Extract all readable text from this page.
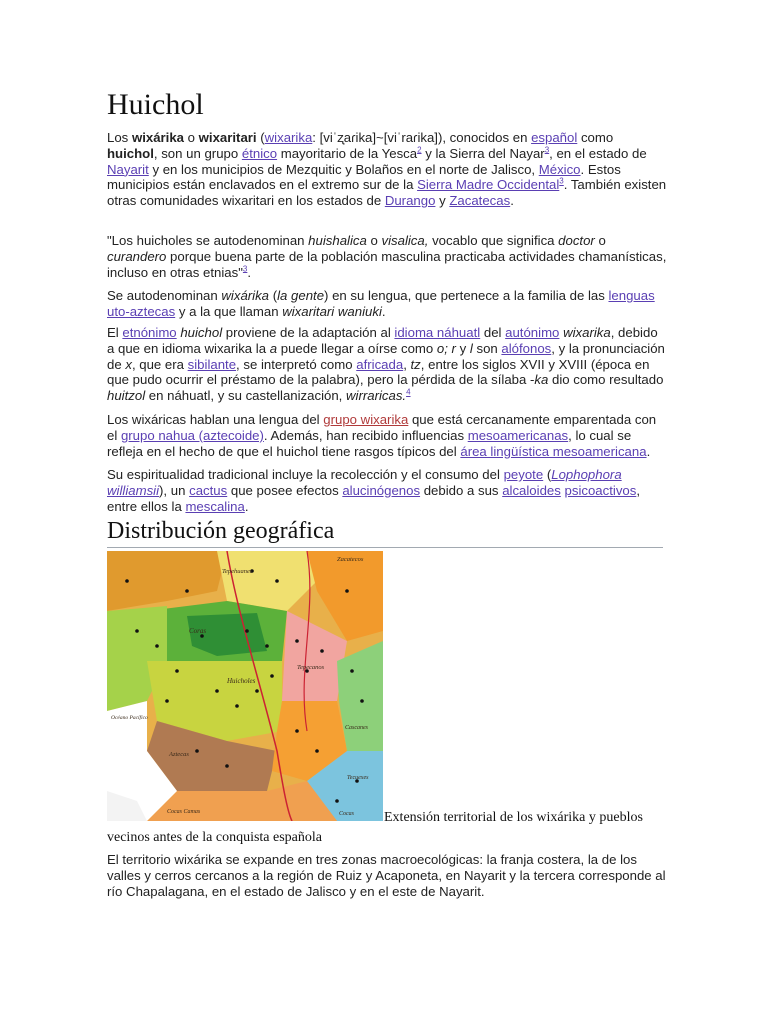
Huichol

Los wixárika o wixaritari (wixarika: [viˈʐaɾika]~[viˈraɾika]), conocidos en español como huichol, son un grupo étnico mayoritario de la Yesca$^2$ y la Sierra del Nayar$^3$, en el estado de Nayarit y en los municipios de Mezquitic y Bolaños en el norte de Jalisco, México. Estos municipios están enclavados en el extremo sur de la Sierra Madre Occidental$^3$. También existen otras comunidades wixaritari en los estados de Durango y Zacatecas.

"Los huicholes se autodenominan huishalica o visalica, vocablo que significa doctor o curandero porque buena parte de la población masculina practicaba actividades chamanísticas, incluso en otras etnias"$^3$.

Se autodenominan wixárika (la gente) en su lengua, que pertenece a la familia de las lenguas uto-aztecas y a la que llaman wixaritari waniuki.

El etnónimo huichol proviene de la adaptación al idioma náhuatl del autónimo wixarika, debido a que en idioma wixarika la a puede llegar a oírse como o; r y l son alófonos, y la pronunciación de x, que era sibilante, se interpretó como africada, tz, entre los siglos XVII y XVIII (época en que pudo ocurrir el préstamo de la palabra), pero la pérdida de la sílaba -ka dio como resultado huitzol en náhuatl, y su castellanización, wirraricas.$^4$

Los wixáricas hablan una lengua del grupo wixarika que está cercanamente emparentada con el grupo nahua (aztecoide). Además, han recibido influencias mesoamericanas, lo cual se refleja en el hecho de que el huichol tiene rasgos típicos del área lingüística mesoamericana.

Su espiritualidad tradicional incluye la recolección y el consumo del peyote (Lophophora williamsii), un cactus que posee efectos alucinógenos debido a sus alcaloides psicoactivos, entre ellos la mescalina.

Distribución geográfica
Zacatecos
Tepehuanes
Coras
Huicholes
Tepecanos
Océano Pacífico
Cascanes
Tecuexes
Cocas
Aztecas
Cocas Camas	Extensión territorial de los wixárika y pueblos vecinos antes de la conquista española

El territorio wixárika se expande en tres zonas macroecológicas: la franja costera, la de los valles y cerros cercanos a la región de Ruiz y Acaponeta, en Nayarit y la tercera corresponde al río Chapalagana, en el estado de Jalisco y en el este de Nayarit.
